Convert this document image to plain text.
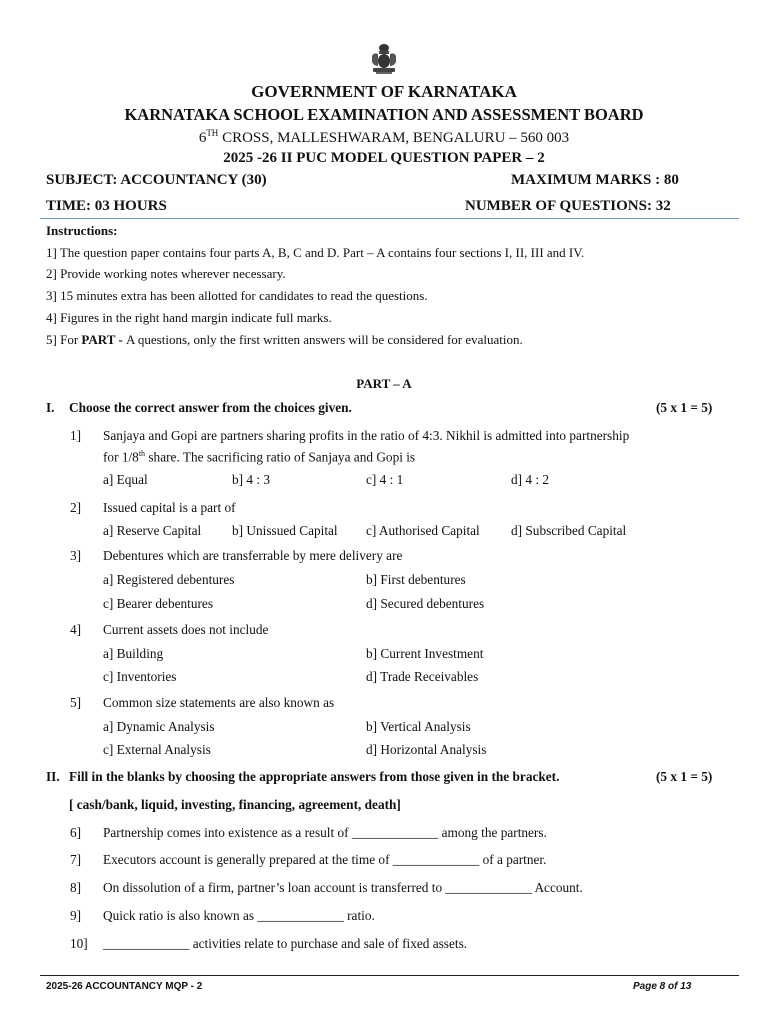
GOVERNMENT OF KARNATAKA
KARNATAKA SCHOOL EXAMINATION AND ASSESSMENT BOARD
6TH CROSS, MALLESHWARAM, BENGALURU – 560 003
2025 -26 II PUC MODEL QUESTION PAPER – 2
SUBJECT: ACCOUNTANCY (30)	MAXIMUM MARKS : 80
TIME: 03 HOURS	NUMBER OF QUESTIONS: 32
Instructions:
1] The question paper contains four parts A, B, C and D. Part – A contains four sections I, II, III and IV.
2] Provide working notes wherever necessary.
3] 15 minutes extra has been allotted for candidates to read the questions.
4] Figures in the right hand margin indicate full marks.
5] For PART - A questions, only the first written answers will be considered for evaluation.
PART – A
I. Choose the correct answer from the choices given.	(5 x 1 = 5)
1] Sanjaya and Gopi are partners sharing profits in the ratio of 4:3. Nikhil is admitted into partnership
for 1/8th share. The sacrificing ratio of Sanjaya and Gopi is
a] Equal	b] 4 : 3	c] 4 : 1	d] 4 : 2
2] Issued capital is a part of
a] Reserve Capital b] Unissued Capital c] Authorised Capital d] Subscribed Capital
3] Debentures which are transferrable by mere delivery are
a] Registered debentures	b] First debentures
c] Bearer debentures	d] Secured debentures
4] Current assets does not include
a] Building	b] Current Investment
c] Inventories	d] Trade Receivables
5] Common size statements are also known as
a] Dynamic Analysis	b] Vertical Analysis
c] External Analysis	d] Horizontal Analysis
II. Fill in the blanks by choosing the appropriate answers from those given in the bracket.	(5 x 1 = 5)
[ cash/bank, liquid, investing, financing, agreement, death]
6] Partnership comes into existence as a result of _____________ among the partners.
7] Executors account is generally prepared at the time of _____________ of a partner.
8] On dissolution of a firm, partner’s loan account is transferred to _____________ Account.
9] Quick ratio is also known as _____________ ratio.
10] _____________ activities relate to purchase and sale of fixed assets.
2025-26 ACCOUNTANCY MQP - 2	Page 8 of 13
